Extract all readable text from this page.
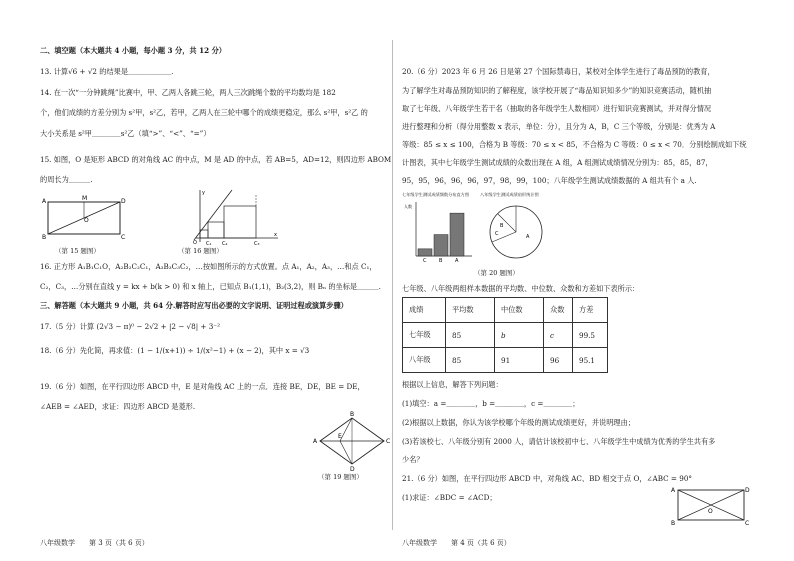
二、填空题（本大题共 4 小题，每小题 3 分，共 12 分）
13. 计算√6 + √2 的结果是＿＿＿＿＿＿.
14. 在一次“一分钟跳绳”比赛中，甲、乙两人各跳三轮，两人三次跳绳个数的平均数均是 182
个，他们成绩的方差分别为 s²甲，s²乙，若甲，乙两人在三轮中哪个的成绩更稳定，那么 s²甲，s²乙 的
大小关系是 s²甲＿＿＿＿s²乙（填“>”、“<”、“=”）
15. 如图，O 是矩形 ABCD 的对角线 AC 的中点，M 是 AD 的中点，若 AB=5，AD=12，则四边形 ABOM
的周长为＿＿＿.
A	M	D
B	C
O
（第 15 题图）
O C₁ C₂	C₃
x
y
（第 16 题图）
16. 正方形 A₁B₁C₁O，A₂B₂C₂C₁，A₃B₃C₃C₂，…按如图所示的方式放置。点 A₁，A₂，A₃，…和点 C₁，
C₂，C₃，…分别在直线 y = kx + b(k > 0) 和 x 轴上，已知点 B₁(1,1)，B₂(3,2)，则 Bₙ 的坐标是＿＿＿.
三、解答题（本大题共 9 小题，共 64 分.解答时应写出必要的文字说明、证明过程或演算步骤）
17.（5 分）计算 (2√3 − π)⁰ − 2√2 + |2 − √8| + 3⁻²
18.（6 分）先化简，再求值：(1 − 1/(x+1)) ÷ 1/(x²−1) + (x − 2)，其中 x = √3
19.（6 分）如图，在平行四边形 ABCD 中，E 是对角线 AC 上的一点．连接 BE，DE，BE = DE，
∠AEB = ∠AED，求证：四边形 ABCD 是菱形.
A
B
C
D
E
（第 19 题图）
八年级数学　　第 3 页（共 6 页）
20.（6 分）2023 年 6 月 26 日是第 27 个国际禁毒日，某校对全体学生进行了毒品预防的教育，
为了解学生对毒品预防知识的了解程度，该学校开展了“毒品知识知多少”的知识竞赛活动，随机抽
取了七年级、八年级学生若干名（抽取的各年级学生人数相同）进行知识竞赛测试，并对得分情况
进行整理和分析（得分用整数 x 表示，单位：分），且分为 A，B，C 三个等级，分别是：优秀为 A
等级：85 ≤ x ≤ 100，合格为 B 等级：70 ≤ x < 85，不合格为 C 等级：0 ≤ x < 70．分别绘制成如下统
计图表，其中七年级学生测试成绩的众数出现在 A 组，A 组测试成绩情况分别为：85，85，87，
95，95，96，96，96，97，98，99，100；八年级学生测试成绩数据的 A 组共有个 a 人.
七年级学生测试成绩频数分布直方图	八年级学生测试成绩扇形统计图
人数
C	B	A
B
C	A
（第 20 题图）
七年级、八年级两组样本数据的平均数、中位数、众数和方差如下表所示：
成绩	平均数	中位数	众数	方差
七年级	85	b	c	99.5
八年级	85	91	96	95.1
根据以上信息，解答下列问题：
(1)填空：a =＿＿＿＿，b =＿＿＿＿，c =＿＿＿＿；
(2)根据以上数据，你认为该学校哪个年级的测试成绩更好，并说明理由；
(3)若该校七、八年级分别有 2000 人，请估计该校初中七、八年级学生中成绩为优秀的学生共有多
少名？
21.（6 分）如图，在平行四边形 ABCD 中，对角线 AC、BD 相交于点 O，∠ABC = 90°
(1)求证：∠BDC = ∠ACD；
A	D
B	C
O
八年级数学　　第 4 页（共 6 页）
